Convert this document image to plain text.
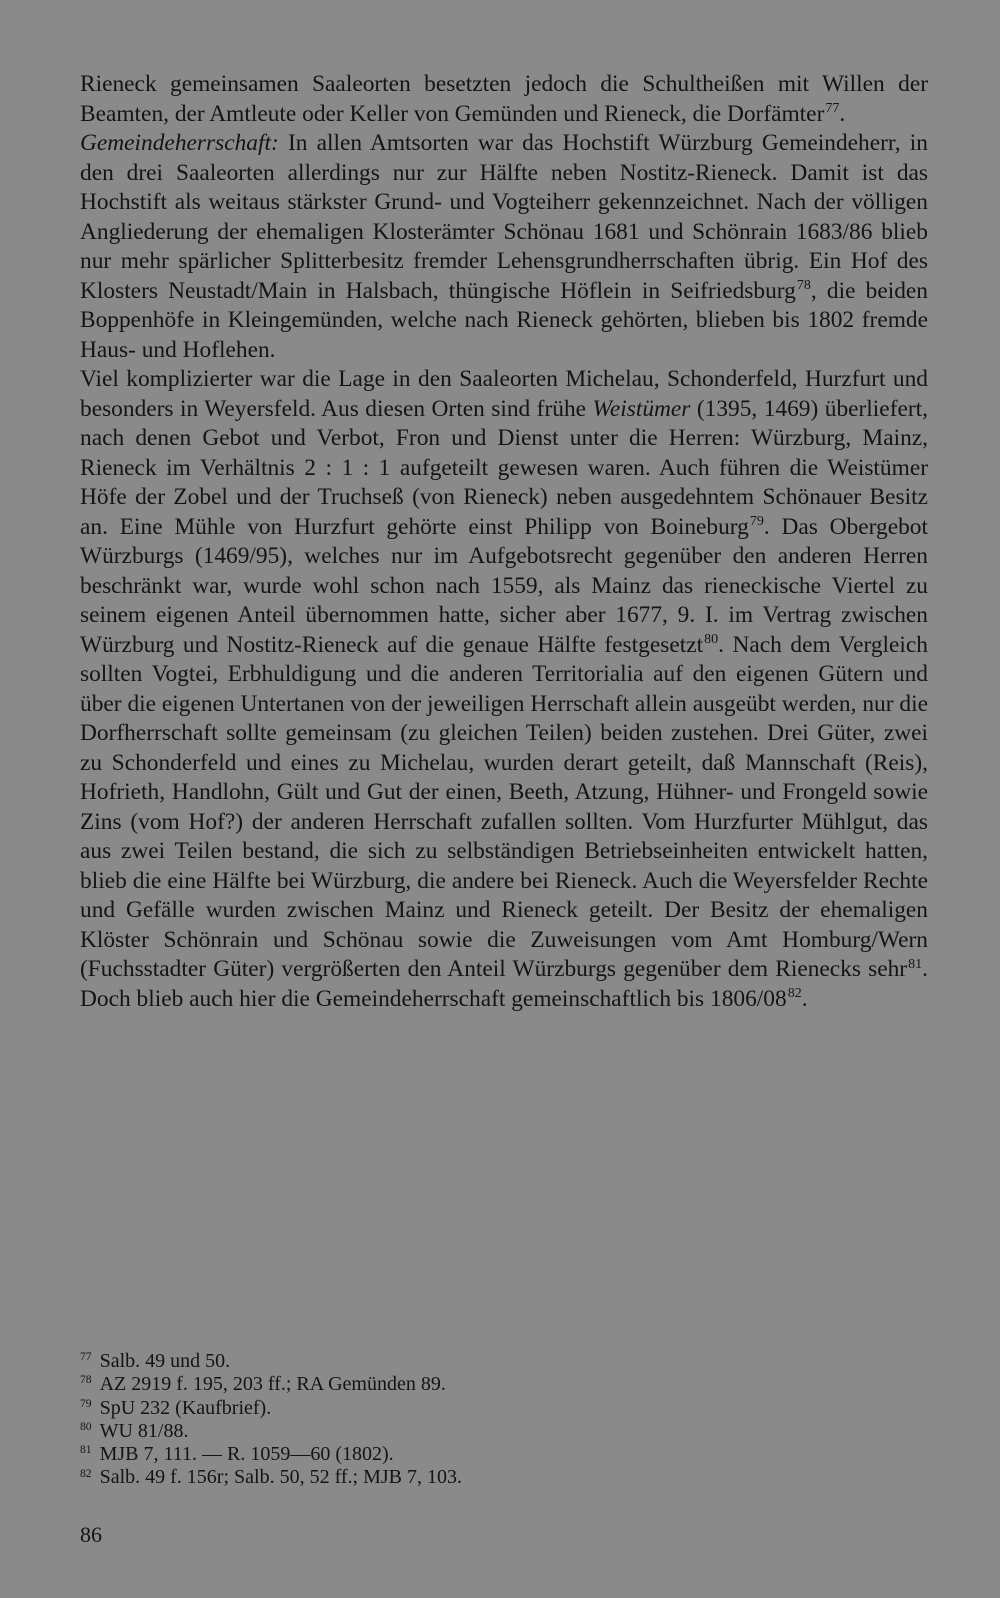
Rieneck gemeinsamen Saaleorten besetzten jedoch die Schultheißen mit Willen der Beamten, der Amtleute oder Keller von Gemünden und Rieneck, die Dorfämter$^{77}$.

Gemeindeherrschaft: In allen Amtsorten war das Hochstift Würzburg Gemeindeherr, in den drei Saaleorten allerdings nur zur Hälfte neben Nostitz-Rieneck. Damit ist das Hochstift als weitaus stärkster Grund- und Vogteiherr gekennzeichnet. Nach der völligen Angliederung der ehemaligen Klosterämter Schönau 1681 und Schönrain 1683/86 blieb nur mehr spärlicher Splitterbesitz fremder Lehensgrundherrschaften übrig. Ein Hof des Klosters Neustadt/Main in Halsbach, thüngische Höflein in Seifriedsburg$^{78}$, die beiden Boppenhöfe in Kleingemünden, welche nach Rieneck gehörten, blieben bis 1802 fremde Haus- und Hoflehen.

Viel komplizierter war die Lage in den Saaleorten Michelau, Schonderfeld, Hurzfurt und besonders in Weyersfeld. Aus diesen Orten sind frühe Weistümer (1395, 1469) überliefert, nach denen Gebot und Verbot, Fron und Dienst unter die Herren: Würzburg, Mainz, Rieneck im Verhältnis 2 : 1 : 1 aufgeteilt gewesen waren. Auch führen die Weistümer Höfe der Zobel und der Truchseß (von Rieneck) neben ausgedehntem Schönauer Besitz an. Eine Mühle von Hurzfurt gehörte einst Philipp von Boineburg$^{79}$. Das Obergebot Würzburgs (1469/95), welches nur im Aufgebotsrecht gegenüber den anderen Herren beschränkt war, wurde wohl schon nach 1559, als Mainz das rieneckische Viertel zu seinem eigenen Anteil übernommen hatte, sicher aber 1677, 9. I. im Vertrag zwischen Würzburg und Nostitz-Rieneck auf die genaue Hälfte festgesetzt$^{80}$. Nach dem Vergleich sollten Vogtei, Erbhuldigung und die anderen Territorialia auf den eigenen Gütern und über die eigenen Untertanen von der jeweiligen Herrschaft allein ausgeübt werden, nur die Dorfherrschaft sollte gemeinsam (zu gleichen Teilen) beiden zustehen. Drei Güter, zwei zu Schonderfeld und eines zu Michelau, wurden derart geteilt, daß Mannschaft (Reis), Hofrieth, Handlohn, Gült und Gut der einen, Beeth, Atzung, Hühner- und Frongeld sowie Zins (vom Hof?) der anderen Herrschaft zufallen sollten. Vom Hurzfurter Mühlgut, das aus zwei Teilen bestand, die sich zu selbständigen Betriebseinheiten entwickelt hatten, blieb die eine Hälfte bei Würzburg, die andere bei Rieneck. Auch die Weyersfelder Rechte und Gefälle wurden zwischen Mainz und Rieneck geteilt. Der Besitz der ehemaligen Klöster Schönrain und Schönau sowie die Zuweisungen vom Amt Homburg/Wern (Fuchsstadter Güter) vergrößerten den Anteil Würzburgs gegenüber dem Rienecks sehr$^{81}$. Doch blieb auch hier die Gemeindeherrschaft gemeinschaftlich bis $1806/08^{82}$.

$^{77}$ Salb. 49 und 50.

$^{78}$ AZ 2919 f. 195, 203 ff.; RA Gemünden 89.

$^{79}$ SpU 232 (Kaufbrief).

$^{80}$ WU 81/88.

$^{81}$ MJB 7, 111. — R. 1059—60 (1802).

$^{82}$ Salb. 49 f. 156r; Salb. 50, 52 ff.; MJB 7, 103.

86
